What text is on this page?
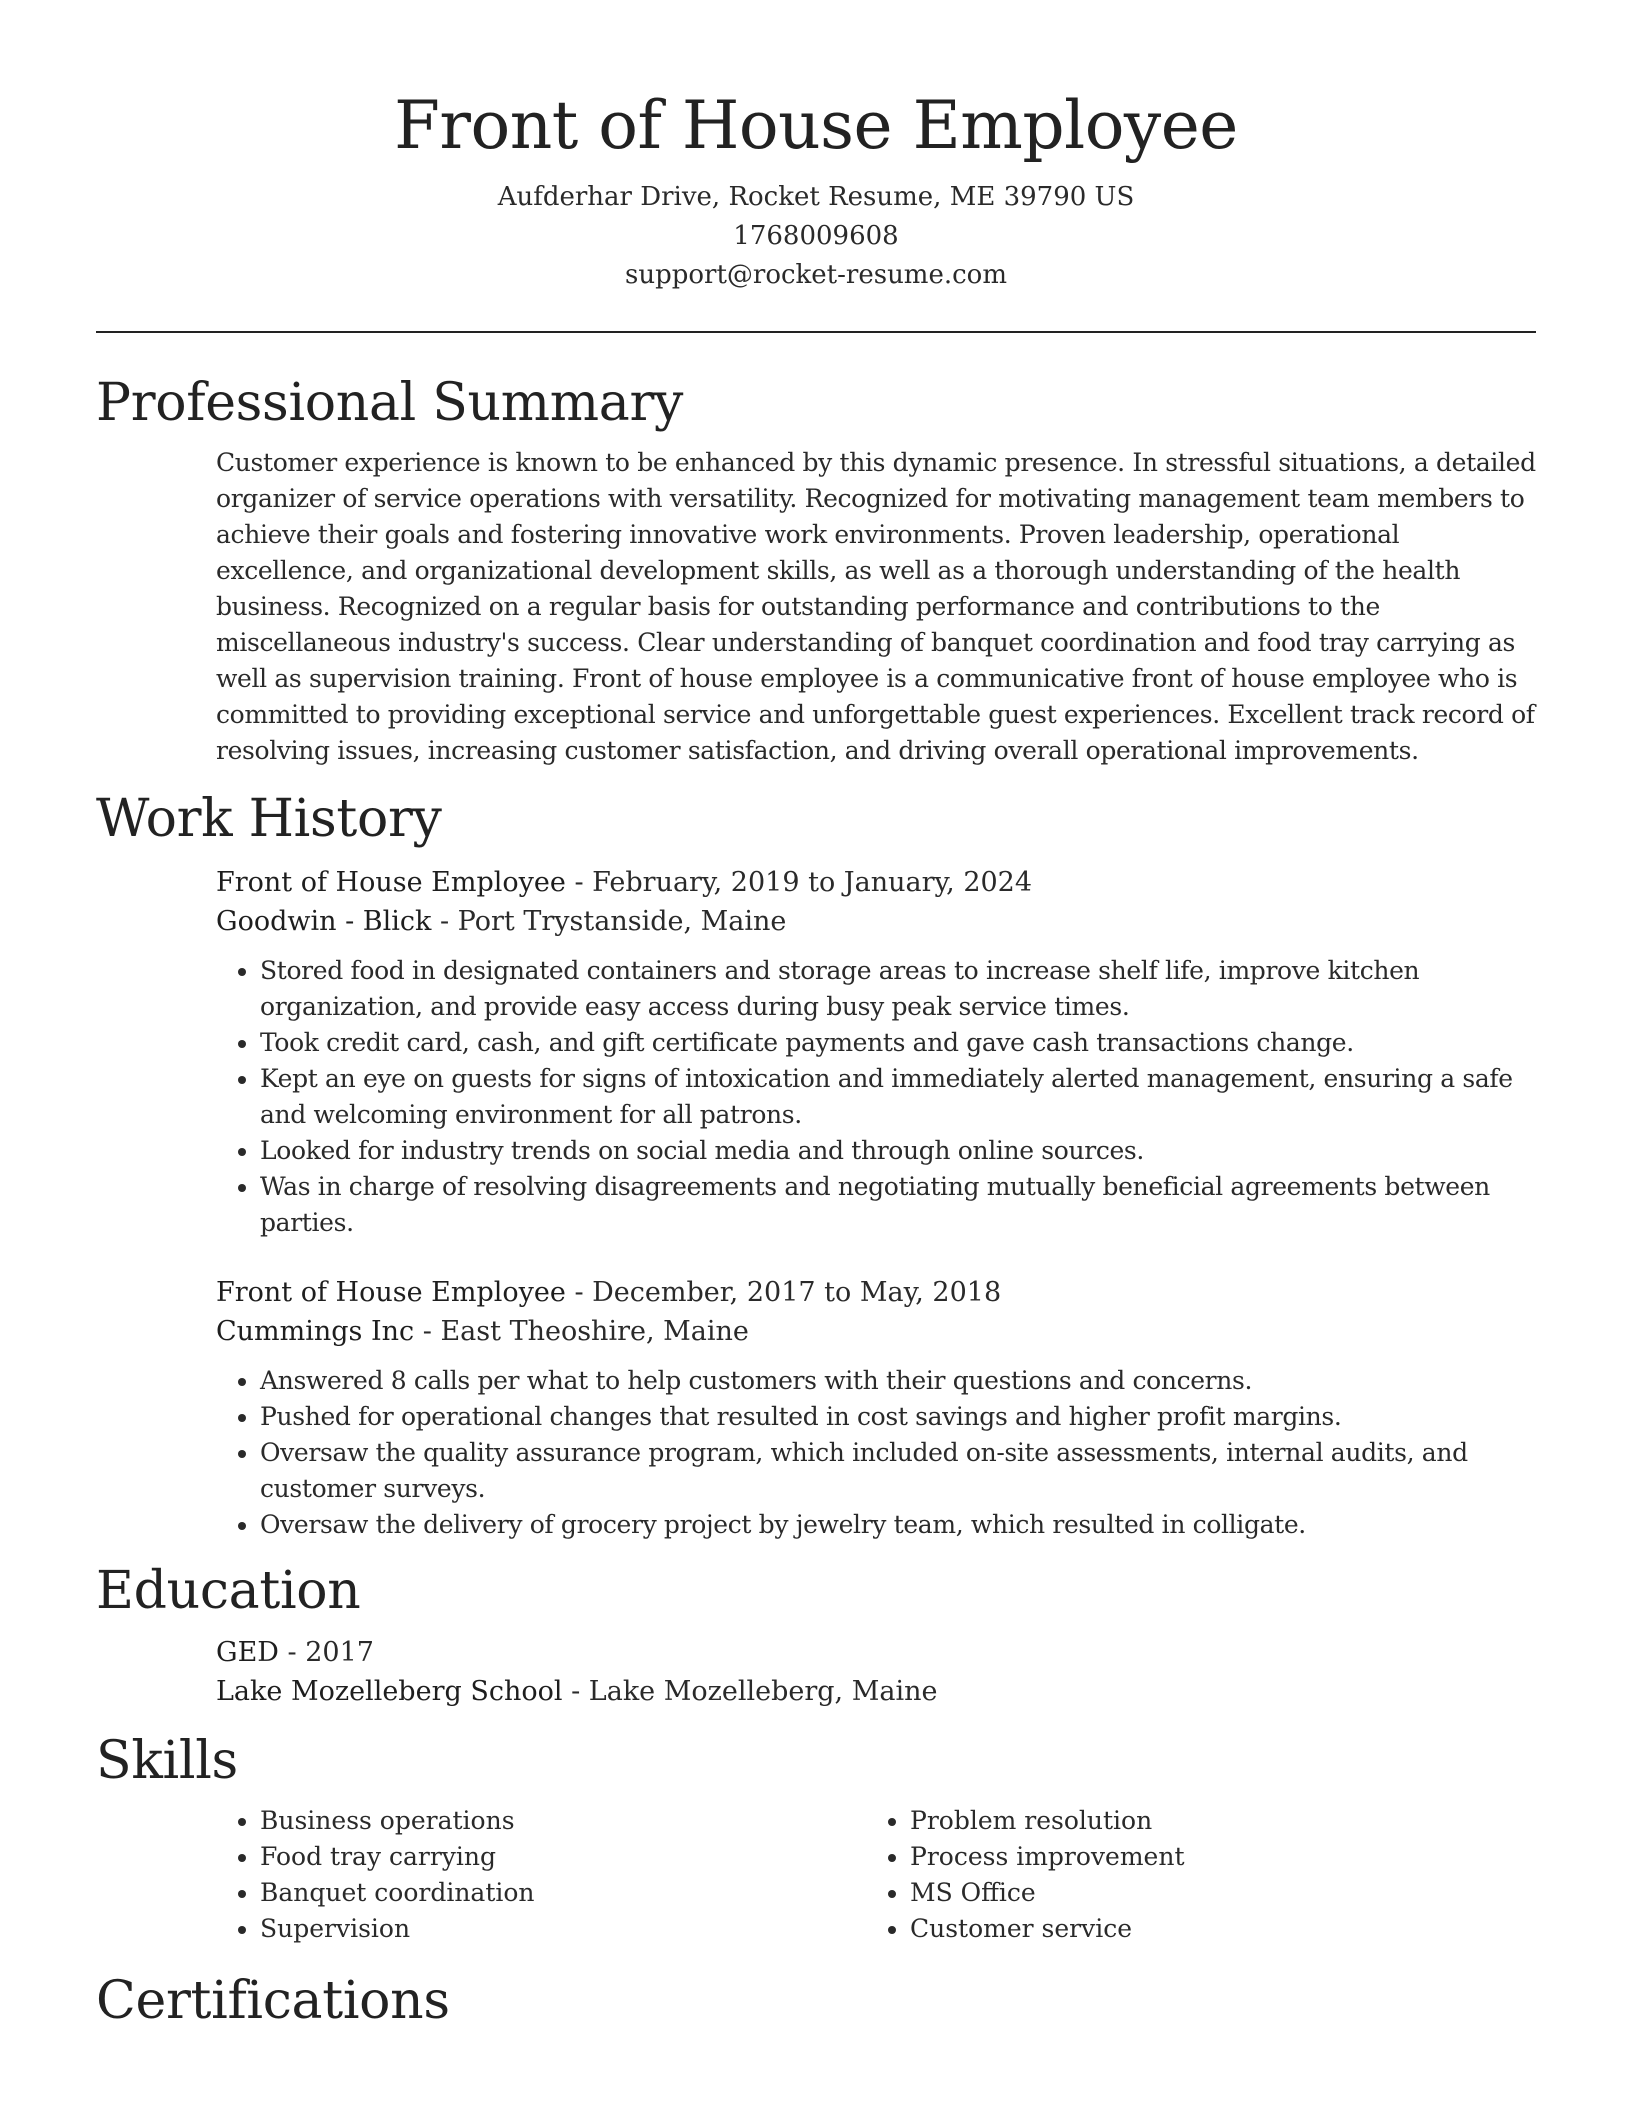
Front of House Employee
Aufderhar Drive, Rocket Resume, ME 39790 US
1768009608
support@rocket-resume.com
Professional Summary

Customer experience is known to be enhanced by this dynamic presence. In stressful situations, a detailed organizer of service operations with versatility. Recognized for motivating management team members to achieve their goals and fostering innovative work environments. Proven leadership, operational excellence, and organizational development skills, as well as a thorough understanding of the health business. Recognized on a regular basis for outstanding performance and contributions to the miscellaneous industry's success. Clear understanding of banquet coordination and food tray carrying as well as supervision training. Front of house employee is a communicative front of house employee who is committed to providing exceptional service and unforgettable guest experiences. Excellent track record of resolving issues, increasing customer satisfaction, and driving overall operational improvements.

Work History
Front of House Employee - February, 2019 to January, 2024
Goodwin - Blick - Port Trystanside, Maine
• Stored food in designated containers and storage areas to increase shelf life, improve kitchen organization, and provide easy access during busy peak service times.
• Took credit card, cash, and gift certificate payments and gave cash transactions change.
• Kept an eye on guests for signs of intoxication and immediately alerted management, ensuring a safe and welcoming environment for all patrons.
• Looked for industry trends on social media and through online sources.
• Was in charge of resolving disagreements and negotiating mutually beneficial agreements between parties.
Front of House Employee - December, 2017 to May, 2018
Cummings Inc - East Theoshire, Maine
• Answered 8 calls per what to help customers with their questions and concerns.
• Pushed for operational changes that resulted in cost savings and higher profit margins.
• Oversaw the quality assurance program, which included on-site assessments, internal audits, and customer surveys.
• Oversaw the delivery of grocery project by jewelry team, which resulted in colligate.
Education
GED - 2017
Lake Mozelleberg School - Lake Mozelleberg, Maine
Skills
• Business operations
• Food tray carrying
• Banquet coordination
• Supervision
• Problem resolution
• Process improvement
• MS Office
• Customer service
Certifications
